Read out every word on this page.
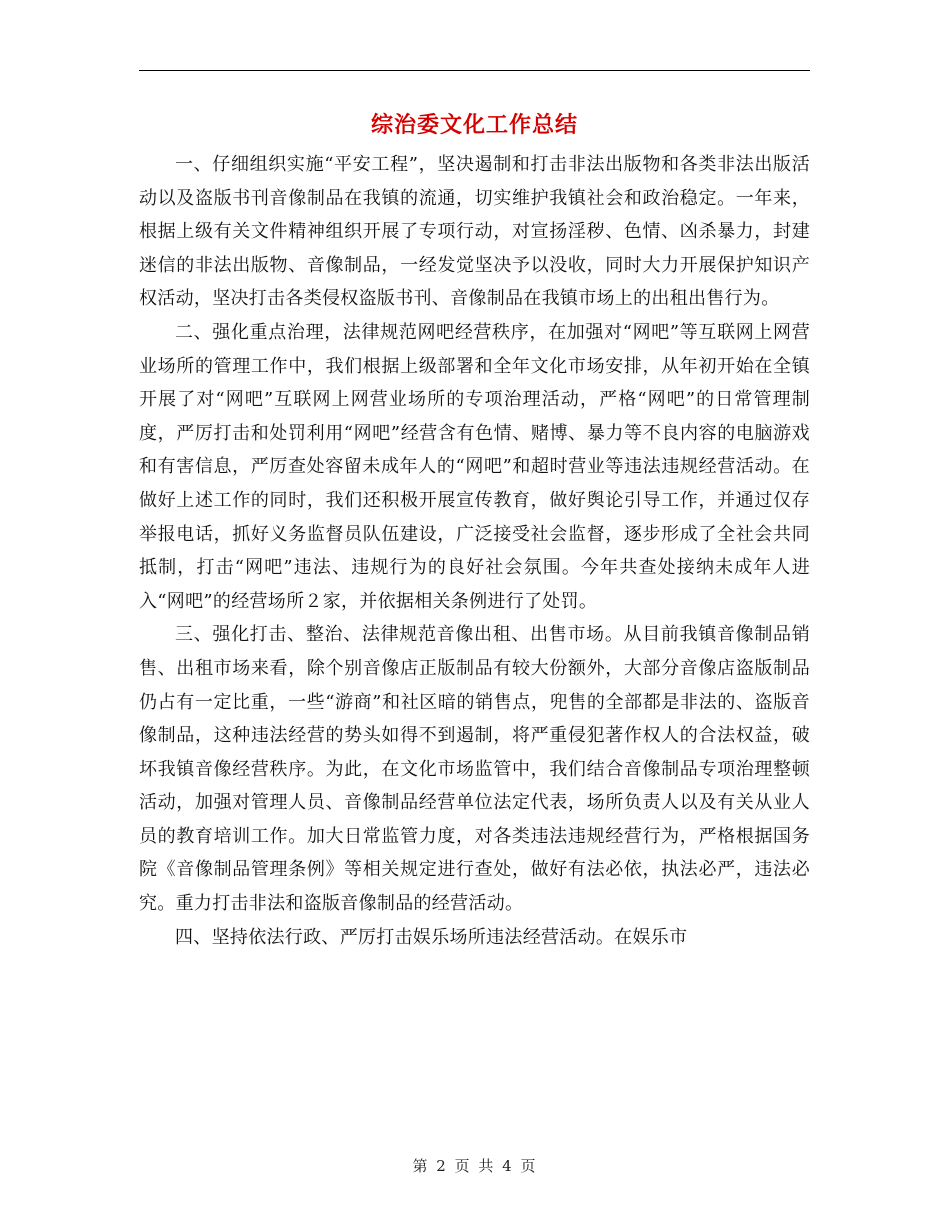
综治委文化工作总结

一、仔细组织实施“平安工程”，坚决遏制和打击非法出版物和各类非法出版活动以及盗版书刊音像制品在我镇的流通，切实维护我镇社会和政治稳定。一年来，根据上级有关文件精神组织开展了专项行动，对宣扬淫秽、色情、凶杀暴力，封建迷信的非法出版物、音像制品，一经发觉坚决予以没收，同时大力开展保护知识产权活动，坚决打击各类侵权盗版书刊、音像制品在我镇市场上的出租出售行为。

二、强化重点治理，法律规范网吧经营秩序，在加强对“网吧”等互联网上网营业场所的管理工作中，我们根据上级部署和全年文化市场安排，从年初开始在全镇开展了对“网吧”互联网上网营业场所的专项治理活动，严格“网吧”的日常管理制度，严厉打击和处罚利用“网吧”经营含有色情、赌博、暴力等不良内容的电脑游戏和有害信息，严厉查处容留未成年人的“网吧”和超时营业等违法违规经营活动。在做好上述工作的同时，我们还积极开展宣传教育，做好舆论引导工作，并通过仅存举报电话，抓好义务监督员队伍建设，广泛接受社会监督，逐步形成了全社会共同抵制，打击“网吧”违法、违规行为的良好社会氛围。今年共查处接纳未成年人进入“网吧”的经营场所２家，并依据相关条例进行了处罚。

三、强化打击、整治、法律规范音像出租、出售市场。从目前我镇音像制品销售、出租市场来看，除个别音像店正版制品有较大份额外，大部分音像店盗版制品仍占有一定比重，一些“游商”和社区暗的销售点，兜售的全部都是非法的、盗版音像制品，这种违法经营的势头如得不到遏制，将严重侵犯著作权人的合法权益，破坏我镇音像经营秩序。为此，在文化市场监管中，我们结合音像制品专项治理整顿活动，加强对管理人员、音像制品经营单位法定代表，场所负责人以及有关从业人员的教育培训工作。加大日常监管力度，对各类违法违规经营行为，严格根据国务院《音像制品管理条例》等相关规定进行查处，做好有法必依，执法必严，违法必究。重力打击非法和盗版音像制品的经营活动。

四、坚持依法行政、严厉打击娱乐场所违法经营活动。在娱乐市

第 2 页 共 4 页
